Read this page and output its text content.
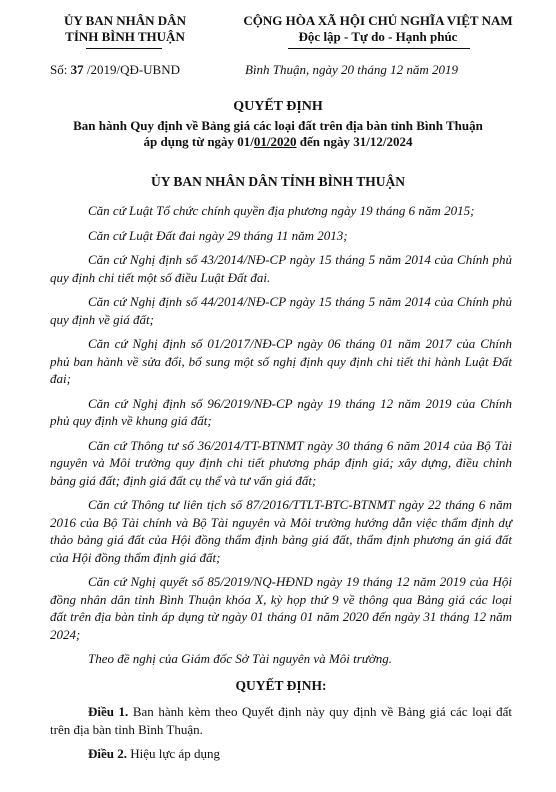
ỦY BAN NHÂN DÂN
TỈNH BÌNH THUẬN
CỘNG HÒA XÃ HỘI CHỦ NGHĨA VIỆT NAM
Độc lập - Tự do - Hạnh phúc
Số: 37 /2019/QĐ-UBND	Bình Thuận, ngày 20 tháng 12 năm 2019
QUYẾT ĐỊNH
Ban hành Quy định về Bảng giá các loại đất trên địa bàn tỉnh Bình Thuận
áp dụng từ ngày 01/01/2020 đến ngày 31/12/2024
ỦY BAN NHÂN DÂN TỈNH BÌNH THUẬN

Căn cứ Luật Tổ chức chính quyền địa phương ngày 19 tháng 6 năm 2015;

Căn cứ Luật Đất đai ngày 29 tháng 11 năm 2013;

Căn cứ Nghị định số 43/2014/NĐ-CP ngày 15 tháng 5 năm 2014 của Chính phủ quy định chi tiết một số điều Luật Đất đai.

Căn cứ Nghị định số 44/2014/NĐ-CP ngày 15 tháng 5 năm 2014 của Chính phủ quy định về giá đất;

Căn cứ Nghị định số 01/2017/NĐ-CP ngày 06 tháng 01 năm 2017 của Chính phủ ban hành về sửa đổi, bổ sung một số nghị định quy định chi tiết thi hành Luật Đất đai;

Căn cứ Nghị định số 96/2019/NĐ-CP ngày 19 tháng 12 năm 2019 của Chính phủ quy định về khung giá đất;

Căn cứ Thông tư số 36/2014/TT-BTNMT ngày 30 tháng 6 năm 2014 của Bộ Tài nguyên và Môi trường quy định chi tiết phương pháp định giá; xây dựng, điều chỉnh bảng giá đất; định giá đất cụ thể và tư vấn giá đất;

Căn cứ Thông tư liên tịch số 87/2016/TTLT-BTC-BTNMT ngày 22 tháng 6 năm 2016 của Bộ Tài chính và Bộ Tài nguyên và Môi trường hướng dẫn việc thẩm định dự thảo bảng giá đất của Hội đồng thẩm định bảng giá đất, thẩm định phương án giá đất của Hội đồng thẩm định giá đất;

Căn cứ Nghị quyết số 85/2019/NQ-HĐND ngày 19 tháng 12 năm 2019 của Hội đồng nhân dân tỉnh Bình Thuận khóa X, kỳ họp thứ 9 về thông qua Bảng giá các loại đất trên địa bàn tỉnh áp dụng từ ngày 01 tháng 01 năm 2020 đến ngày 31 tháng 12 năm 2024;

Theo đề nghị của Giám đốc Sở Tài nguyên và Môi trường.

QUYẾT ĐỊNH:

Điều 1. Ban hành kèm theo Quyết định này quy định về Bảng giá các loại đất trên địa bàn tỉnh Bình Thuận.

Điều 2. Hiệu lực áp dụng
